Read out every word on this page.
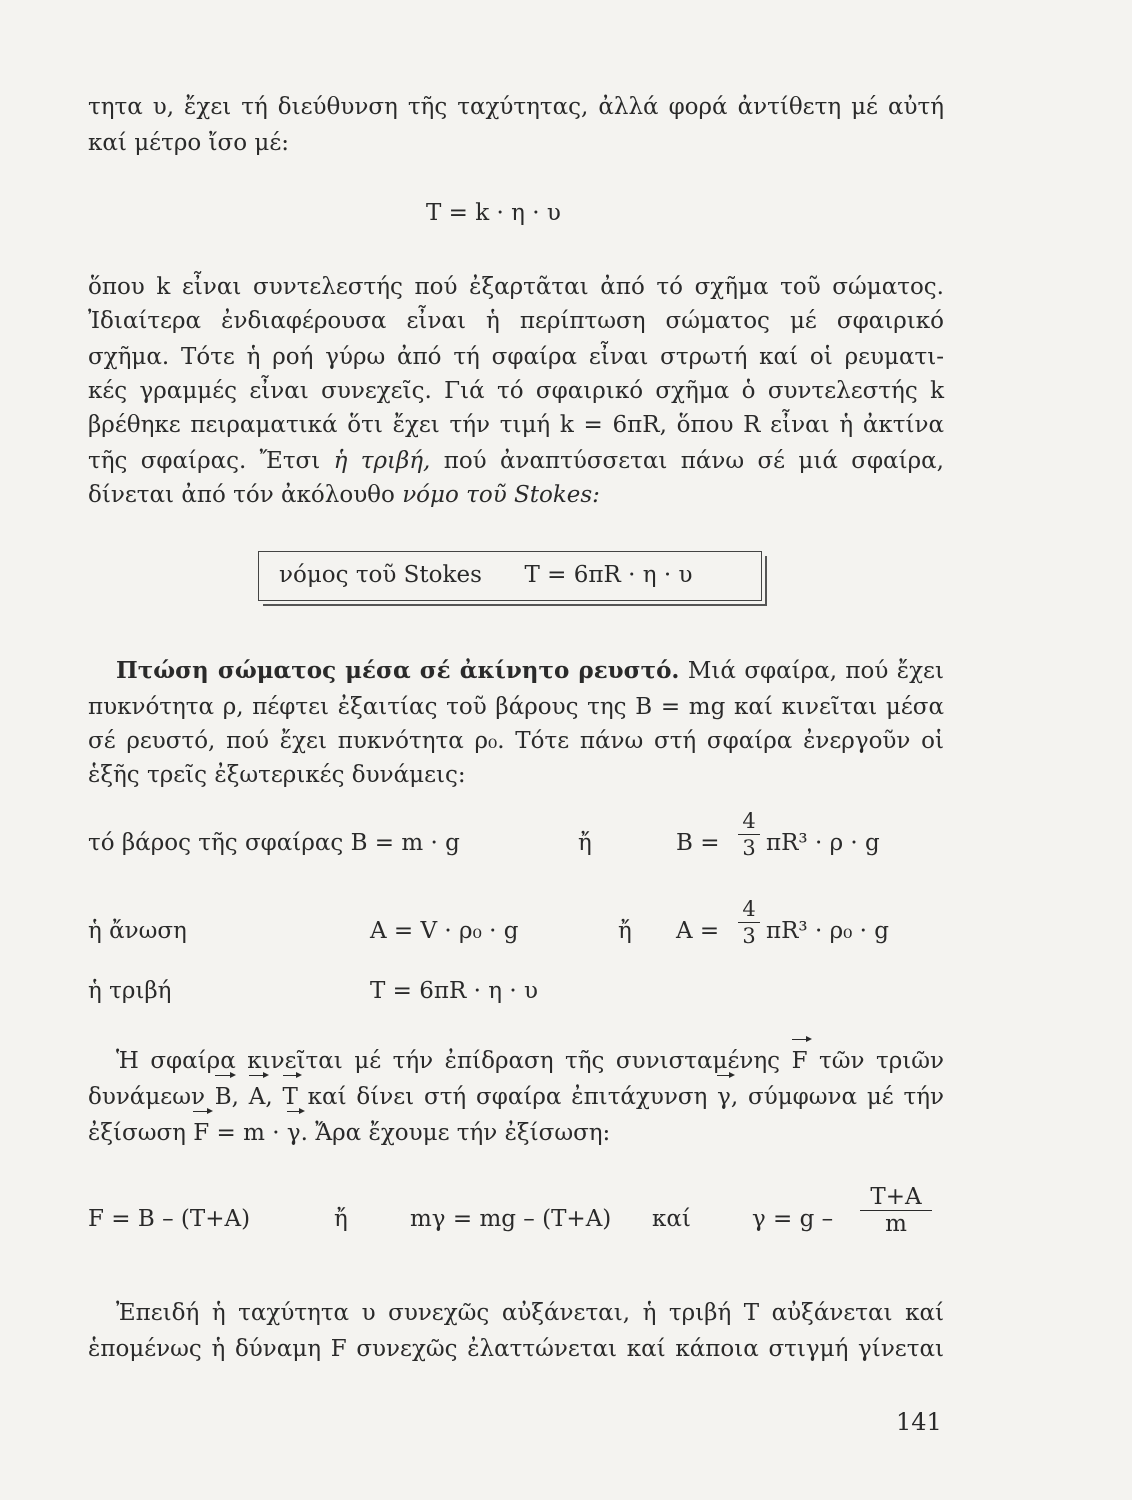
τητα υ, ἔχει τή διεύθυνση τῆς ταχύτητας, ἀλλά φορά ἀντίθετη μέ αὐτή
καί μέτρο ἴσο μέ:
T = k · η · υ
ὅπου k εἶναι συντελεστής πού ἐξαρτᾶται ἀπό τό σχῆμα τοῦ σώματος.
Ἰδιαίτερα ἐνδιαφέρουσα εἶναι ἡ περίπτωση σώματος μέ σφαιρικό
σχῆμα. Τότε ἡ ροή γύρω ἀπό τή σφαίρα εἶναι στρωτή καί οἱ ρευματι-
κές γραμμές εἶναι συνεχεῖς. Γιά τό σφαιρικό σχῆμα ὁ συντελεστής k
βρέθηκε πειραματικά ὅτι ἔχει τήν τιμή k = 6πR, ὅπου R εἶναι ἡ ἀκτίνα
τῆς σφαίρας. Ἔτσι ἡ τριβή, πού ἀναπτύσσεται πάνω σέ μιά σφαίρα,
δίνεται ἀπό τόν ἀκόλουθο νόμο τοῦ Stokes:
νόμος τοῦ Stokes T = 6πR · η · υ
Πτώση σώματος μέσα σέ ἀκίνητο ρευστό. Μιά σφαίρα, πού ἔχει
πυκνότητα ρ, πέφτει ἐξαιτίας τοῦ βάρους της B = mg καί κινεῖται μέσα
σέ ρευστό, πού ἔχει πυκνότητα ρ₀. Τότε πάνω στή σφαίρα ἐνεργοῦν οἱ
ἑξῆς τρεῖς ἐξωτερικές δυνάμεις:
τό βάρος τῆς σφαίρας B = m · g	ἤ	B =
4
3 πR³ · ρ · g
ἡ ἄνωση	A = V · ρ₀ · g	ἤ A =
4
3 πR³ · ρ₀ · g
ἡ τριβή	T = 6πR · η · υ
Ἡ σφαίρα κινεῖται μέ τήν ἐπίδραση τῆς συνισταμένης F τῶν τριῶν
δυνάμεων B, A, T καί δίνει στή σφαίρα ἐπιτάχυνση γ, σύμφωνα μέ τήν
ἐξίσωση F = m · γ. Ἄρα ἔχουμε τήν ἐξίσωση:
F = B – (T+A)	ἤ	mγ = mg – (T+A) καί	γ = g –
T+A
m
Ἐπειδή ἡ ταχύτητα υ συνεχῶς αὐξάνεται, ἡ τριβή T αὐξάνεται καί
ἑπομένως ἡ δύναμη F συνεχῶς ἐλαττώνεται καί κάποια στιγμή γίνεται
141
